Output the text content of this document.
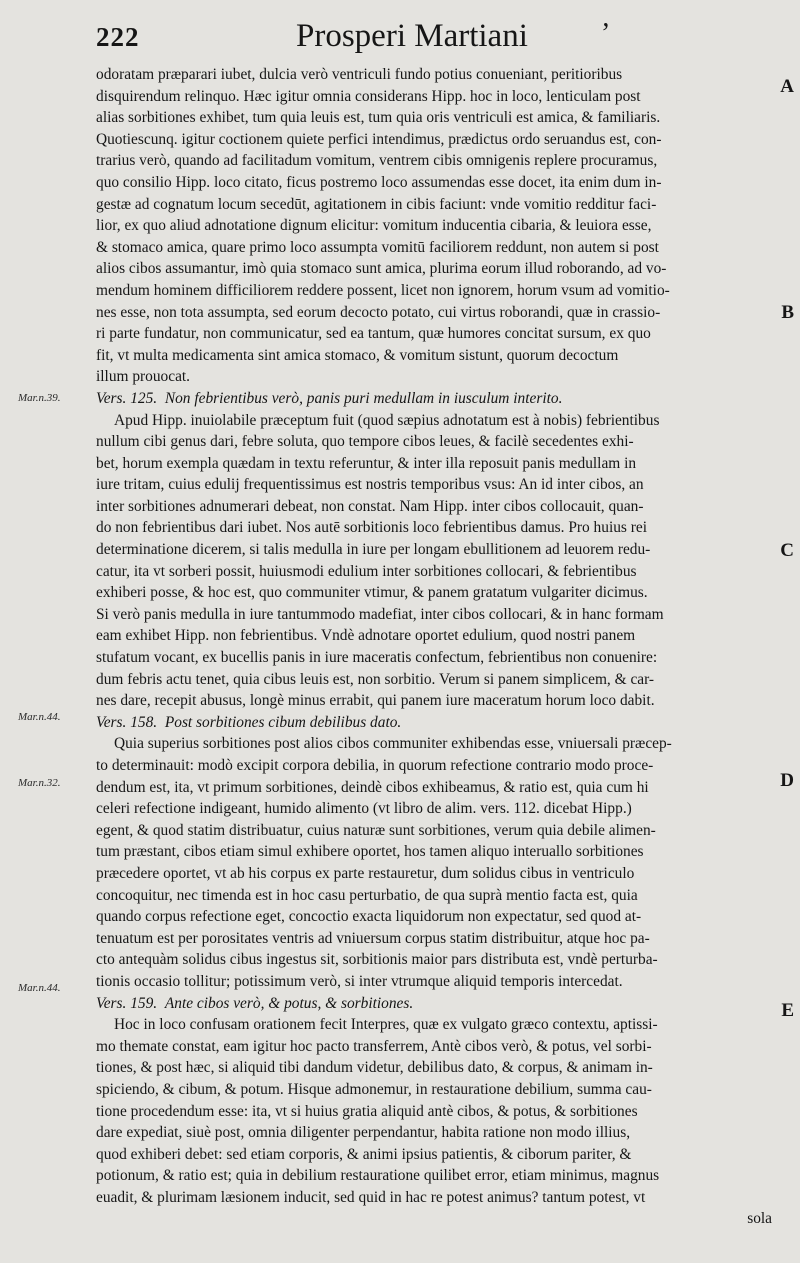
222	Prosperi Martiani	ʼ
Mar.n.39.
Mar.n.44.
Mar.n.32.
Mar.n.44.
A
B
C
D
E
odoratam præparari iubet, dulcia verò ventriculi fundo potius conueniant, peritioribus
disquirendum relinquo. Hæc igitur omnia considerans Hipp. hoc in loco, lenticulam post
alias sorbitiones exhibet, tum quia leuis est, tum quia oris ventriculi est amica, & familiaris.
Quotiescunq. igitur coctionem quiete perfici intendimus, prædictus ordo seruandus est, con-
trarius verò, quando ad facilitadum vomitum, ventrem cibis omnigenis replere procuramus,
quo consilio Hipp. loco citato, ficus postremo loco assumendas esse docet, ita enim dum in-
gestæ ad cognatum locum secedūt, agitationem in cibis faciunt: vnde vomitio redditur faci-
lior, ex quo aliud adnotatione dignum elicitur: vomitum inducentia cibaria, & leuiora esse,
& stomaco amica, quare primo loco assumpta vomitū faciliorem reddunt, non autem si post
alios cibos assumantur, imò quia stomaco sunt amica, plurima eorum illud roborando, ad vo-
mendum hominem difficiliorem reddere possent, licet non ignorem, horum vsum ad vomitio-
nes esse, non tota assumpta, sed eorum decocto potato, cui virtus roborandi, quæ in crassio-
ri parte fundatur, non communicatur, sed ea tantum, quæ humores concitat sursum, ex quo
fit, vt multa medicamenta sint amica stomaco, & vomitum sistunt, quorum decoctum
illum prouocat.
Vers. 125. Non febrientibus verò, panis puri medullam in iusculum interito.
Apud Hipp. inuiolabile præceptum fuit (quod sæpius adnotatum est à nobis) febrientibus
nullum cibi genus dari, febre soluta, quo tempore cibos leues, & facilè secedentes exhi-
bet, horum exempla quædam in textu referuntur, & inter illa reposuit panis medullam in
iure tritam, cuius edulij frequentissimus est nostris temporibus vsus: An id inter cibos, an
inter sorbitiones adnumerari debeat, non constat. Nam Hipp. inter cibos collocauit, quan-
do non febrientibus dari iubet. Nos autē sorbitionis loco febrientibus damus. Pro huius rei
determinatione dicerem, si talis medulla in iure per longam ebullitionem ad leuorem redu-
catur, ita vt sorberi possit, huiusmodi edulium inter sorbitiones collocari, & febrientibus
exhiberi posse, & hoc est, quo communiter vtimur, & panem gratatum vulgariter dicimus.
Si verò panis medulla in iure tantummodo madefiat, inter cibos collocari, & in hanc formam
eam exhibet Hipp. non febrientibus. Vndè adnotare oportet edulium, quod nostri panem
stufatum vocant, ex bucellis panis in iure maceratis confectum, febrientibus non conuenire:
dum febris actu tenet, quia cibus leuis est, non sorbitio. Verum si panem simplicem, & car-
nes dare, recepit abusus, longè minus errabit, qui panem iure maceratum horum loco dabit.
Vers. 158. Post sorbitiones cibum debilibus dato.
Quia superius sorbitiones post alios cibos communiter exhibendas esse, vniuersali præcep-
to determinauit: modò excipit corpora debilia, in quorum refectione contrario modo proce-
dendum est, ita, vt primum sorbitiones, deindè cibos exhibeamus, & ratio est, quia cum hi
celeri refectione indigeant, humido alimento (vt libro de alim. vers. 112. dicebat Hipp.)
egent, & quod statim distribuatur, cuius naturæ sunt sorbitiones, verum quia debile alimen-
tum præstant, cibos etiam simul exhibere oportet, hos tamen aliquo interuallo sorbitiones
præcedere oportet, vt ab his corpus ex parte restauretur, dum solidus cibus in ventriculo
concoquitur, nec timenda est in hoc casu perturbatio, de qua suprà mentio facta est, quia
quando corpus refectione eget, concoctio exacta liquidorum non expectatur, sed quod at-
tenuatum est per porositates ventris ad vniuersum corpus statim distribuitur, atque hoc pa-
cto antequàm solidus cibus ingestus sit, sorbitionis maior pars distributa est, vndè perturba-
tionis occasio tollitur; potissimum verò, si inter vtrumque aliquid temporis intercedat.
Vers. 159. Ante cibos verò, & potus, & sorbitiones.
Hoc in loco confusam orationem fecit Interpres, quæ ex vulgato græco contextu, aptissi-
mo themate constat, eam igitur hoc pacto transferrem, Antè cibos verò, & potus, vel sorbi-
tiones, & post hæc, si aliquid tibi dandum videtur, debilibus dato, & corpus, & animam in-
spiciendo, & cibum, & potum. Hisque admonemur, in restauratione debilium, summa cau-
tione procedendum esse: ita, vt si huius gratia aliquid antè cibos, & potus, & sorbitiones
dare expediat, siuè post, omnia diligenter perpendantur, habita ratione non modo illius,
quod exhiberi debet: sed etiam corporis, & animi ipsius patientis, & ciborum pariter, &
potionum, & ratio est; quia in debilium restauratione quilibet error, etiam minimus, magnus
euadit, & plurimam læsionem inducit, sed quid in hac re potest animus? tantum potest, vt
sola
